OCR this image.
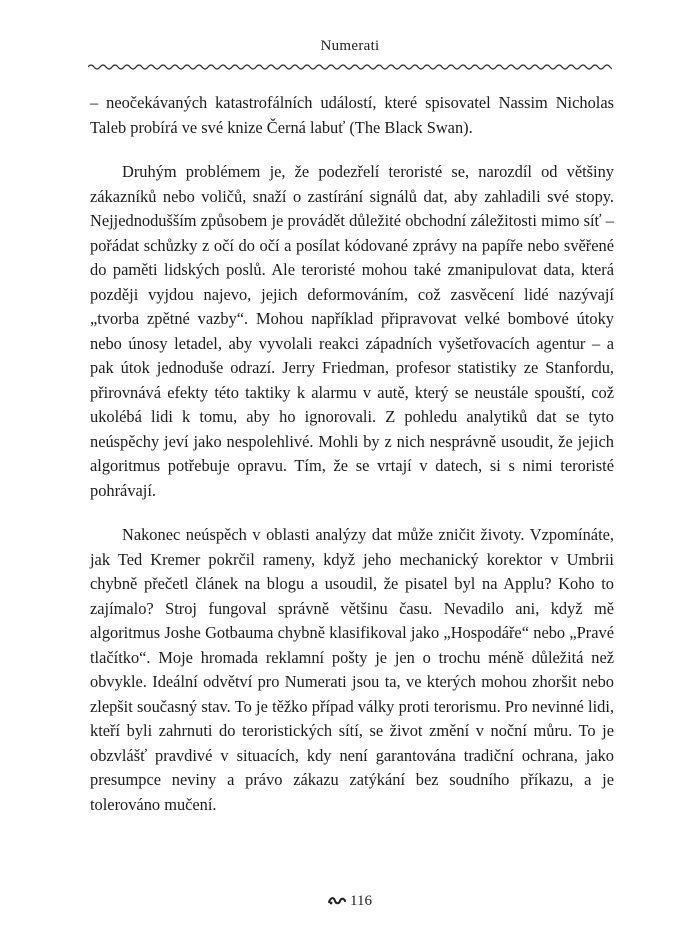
Numerati

– neočekávaných katastrofálních událostí, které spisovatel Nassim Nicholas Taleb probírá ve své knize Černá labuť (The Black Swan).

Druhým problémem je, že podezřelí teroristé se, narozdíl od většiny zákazníků nebo voličů, snaží o zastírání signálů dat, aby zahladili své stopy. Nejjednodušším způsobem je provádět důležité obchodní záležitosti mimo síť – pořádat schůzky z očí do očí a posílat kódované zprávy na papíře nebo svěřené do paměti lidských poslů. Ale teroristé mohou také zmanipulovat data, která později vyjdou najevo, jejich deformováním, což zasvěcení lidé nazývají „tvorba zpětné vazby“. Mohou například připravovat velké bombové útoky nebo únosy letadel, aby vyvolali reakci západních vyšetřovacích agentur – a pak útok jednoduše odrazí. Jerry Friedman, profesor statistiky ze Stanfordu, přirovnává efekty této taktiky k alarmu v autě, který se neustále spouští, což ukolébá lidi k tomu, aby ho ignorovali. Z pohledu analytiků dat se tyto neúspěchy jeví jako nespolehlivé. Mohli by z nich nesprávně usoudit, že jejich algoritmus potřebuje opravu. Tím, že se vrtají v datech, si s nimi teroristé pohrávají.

Nakonec neúspěch v oblasti analýzy dat může zničit životy. Vzpomínáte, jak Ted Kremer pokrčil rameny, když jeho mechanický korektor v Umbrii chybně přečetl článek na blogu a usoudil, že pisatel byl na Applu? Koho to zajímalo? Stroj fungoval správně většinu času. Nevadilo ani, když mě algoritmus Joshe Gotbauma chybně klasifikoval jako „Hospodáře“ nebo „Pravé tlačítko“. Moje hromada reklamní pošty je jen o trochu méně důležitá než obvykle. Ideální odvětví pro Numerati jsou ta, ve kterých mohou zhoršit nebo zlepšit současný stav. To je těžko případ války proti terorismu. Pro nevinné lidi, kteří byli zahrnuti do teroristických sítí, se život změní v noční můru. To je obzvlášť pravdivé v situacích, kdy není garantována tradiční ochrana, jako presumpce neviny a právo zákazu zatýkání bez soudního příkazu, a je tolerováno mučení.

116
